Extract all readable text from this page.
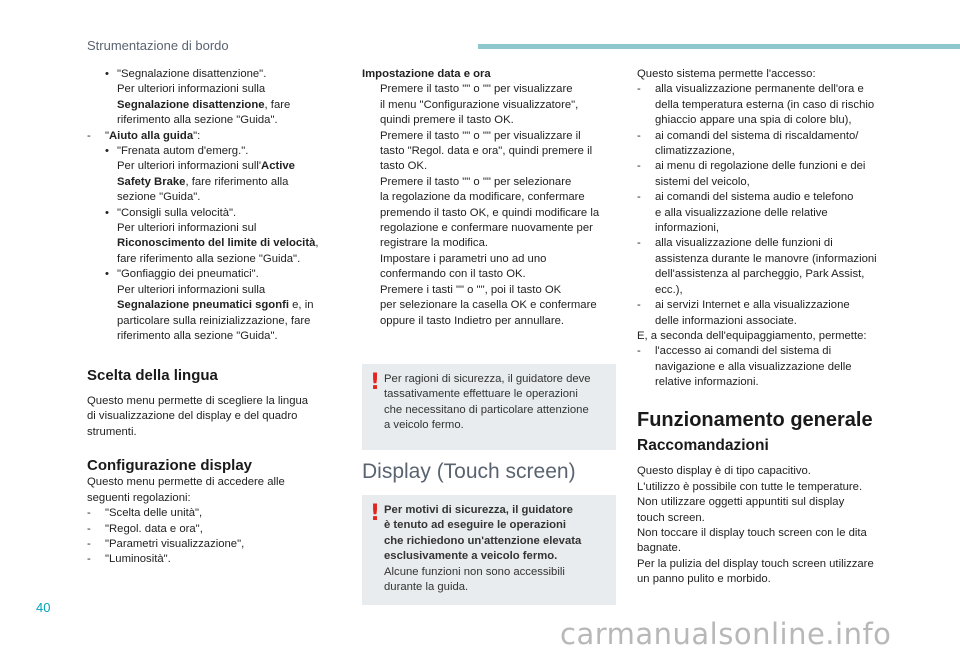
Strumentazione di bordo
• "Segnalazione disattenzione".

Per ulteriori informazioni sulla

Segnalazione disattenzione, fare

riferimento alla sezione "Guida".

-	"Aiuto alla guida":
• "Frenata autom d'emerg.".

Per ulteriori informazioni sull'Active

Safety Brake, fare riferimento alla

sezione "Guida".

• "Consigli sulla velocità".

Per ulteriori informazioni sul

Riconoscimento del limite di velocità,

fare riferimento alla sezione "Guida".

• "Gonfiaggio dei pneumatici".

Per ulteriori informazioni sulla

Segnalazione pneumatici sgonfi e, in

particolare sulla reinizializzazione, fare

riferimento alla sezione "Guida".

Scelta della lingua

Questo menu permette di scegliere la lingua

di visualizzazione del display e del quadro

strumenti.

Configurazione display

Questo menu permette di accedere alle

seguenti regolazioni:

-	"Scelta delle unità",
-	"Regol. data e ora",
-	"Parametri visualizzazione",
-	"Luminosità".

Impostazione data e ora

Premere il tasto "" o "" per visualizzare

il menu "Configurazione visualizzatore",

quindi premere il tasto OK.

Premere il tasto "" o "" per visualizzare il

tasto "Regol. data e ora", quindi premere il

tasto OK.

Premere il tasto "" o "" per selezionare

la regolazione da modificare, confermare

premendo il tasto OK, e quindi modificare la

regolazione e confermare nuovamente per

registrare la modifica.

Impostare i parametri uno ad uno

confermando con il tasto OK.

Premere i tasti "" o "", poi il tasto OK

per selezionare la casella OK e confermare

oppure il tasto Indietro per annullare.

! Per ragioni di sicurezza, il guidatore deve

tassativamente effettuare le operazioni

che necessitano di particolare attenzione

a veicolo fermo.

Display (Touch screen)
! Per motivi di sicurezza, il guidatore

è tenuto ad eseguire le operazioni

che richiedono un'attenzione elevata

esclusivamente a veicolo fermo.

Alcune funzioni non sono accessibili

durante la guida.

Questo sistema permette l'accesso:

-	alla visualizzazione permanente dell'ora e

della temperatura esterna (in caso di rischio

ghiaccio appare una spia di colore blu),

-	ai comandi del sistema di riscaldamento/

climatizzazione,

-	ai menu di regolazione delle funzioni e dei

sistemi del veicolo,

-	ai comandi del sistema audio e telefono

e alla visualizzazione delle relative

informazioni,

-	alla visualizzazione delle funzioni di

assistenza durante le manovre (informazioni

dell'assistenza al parcheggio, Park Assist,

ecc.),

-	ai servizi Internet e alla visualizzazione

delle informazioni associate.

E, a seconda dell'equipaggiamento, permette:

-	l'accesso ai comandi del sistema di

navigazione e alla visualizzazione delle

relative informazioni.

Funzionamento generale
Raccomandazioni

Questo display è di tipo capacitivo.

L'utilizzo è possibile con tutte le temperature.

Non utilizzare oggetti appuntiti sul display

touch screen.

Non toccare il display touch screen con le dita

bagnate.

Per la pulizia del display touch screen utilizzare

un panno pulito e morbido.

40
carmanualsonline.info
